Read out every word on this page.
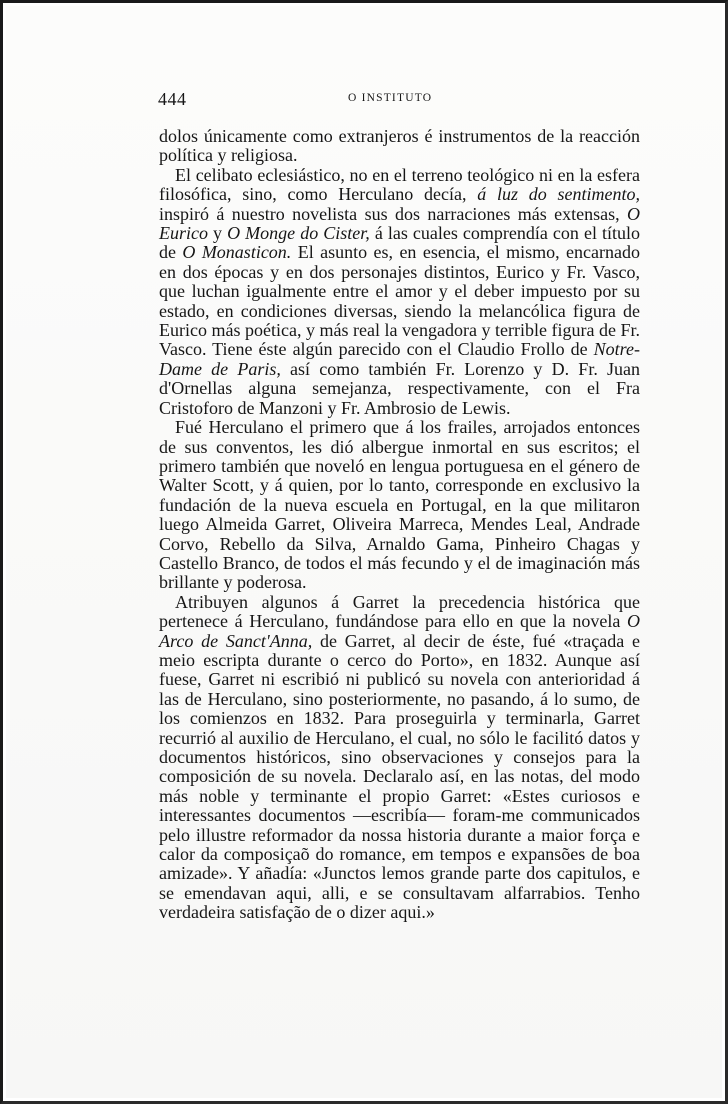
444	O INSTITUTO

dolos únicamente como extranjeros é instrumentos de la reacción política y religiosa.

El celibato eclesiástico, no en el terreno teológico ni en la esfera filosófica, sino, como Herculano decía, á luz do sentimento, inspiró á nuestro novelista sus dos narraciones más extensas, O Eurico y O Monge do Cister, á las cuales comprendía con el título de O Monasticon. El asunto es, en esencia, el mismo, encarnado en dos épocas y en dos personajes distintos, Eurico y Fr. Vasco, que luchan igualmente entre el amor y el deber impuesto por su estado, en condiciones diversas, siendo la melancólica figura de Eurico más poética, y más real la vengadora y terrible figura de Fr. Vasco. Tiene éste algún parecido con el Claudio Frollo de Notre-Dame de Paris, así como también Fr. Lorenzo y D. Fr. Juan d'Ornellas alguna semejanza, respectivamente, con el Fra Cristoforo de Manzoni y Fr. Ambrosio de Lewis.

Fué Herculano el primero que á los frailes, arrojados entonces de sus conventos, les dió albergue inmortal en sus escritos; el primero también que noveló en lengua portuguesa en el género de Walter Scott, y á quien, por lo tanto, corresponde en exclusivo la fundación de la nueva escuela en Portugal, en la que militaron luego Almeida Garret, Oliveira Marreca, Mendes Leal, Andrade Corvo, Rebello da Silva, Arnaldo Gama, Pinheiro Chagas y Castello Branco, de todos el más fecundo y el de imaginación más brillante y poderosa.

Atribuyen algunos á Garret la precedencia histórica que pertenece á Herculano, fundándose para ello en que la novela O Arco de Sanct'Anna, de Garret, al decir de éste, fué «traçada e meio escripta durante o cerco do Porto», en 1832. Aunque así fuese, Garret ni escribió ni publicó su novela con anterioridad á las de Herculano, sino posteriormente, no pasando, á lo sumo, de los comienzos en 1832. Para proseguirla y terminarla, Garret recurrió al auxilio de Herculano, el cual, no sólo le facilitó datos y documentos históricos, sino observaciones y consejos para la composición de su novela. Declaralo así, en las notas, del modo más noble y terminante el propio Garret: «Estes curiosos e interessantes documentos —escribía— foram-me communicados pelo illustre reformador da nossa historia durante a maior força e calor da composiçaõ do romance, em tempos e expansões de boa amizade». Y añadía: «Junctos lemos grande parte dos capitulos, e se emendavan aqui, alli, e se consultavam alfarrabios. Tenho verdadeira satisfação de o dizer aqui.»
